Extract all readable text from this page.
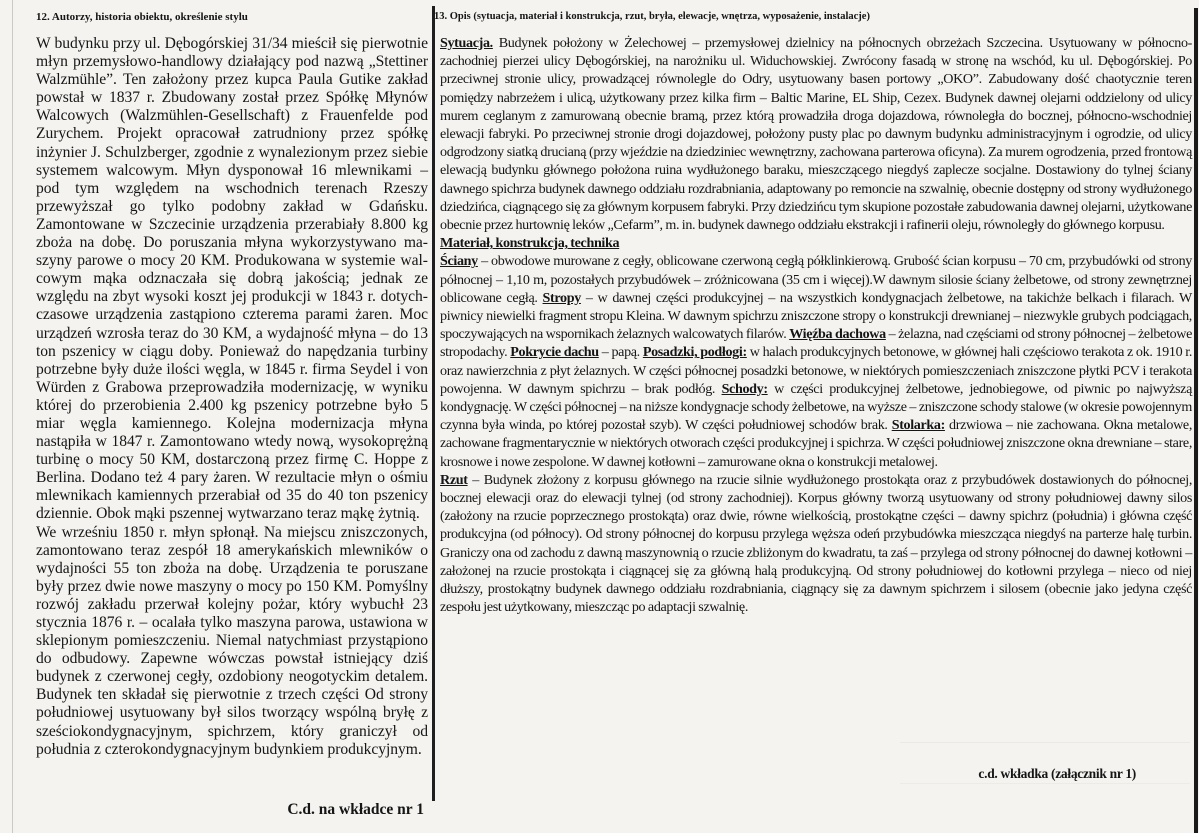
12. Autorzy, historia obiektu, określenie stylu

W budynku przy ul. Dębogórskiej 31/34 mieścił się pierwotnie młyn przemysłowo-handlowy działający pod nazwą „Stettiner Walzmühle”. Ten założony przez kupca Paula Gutike zakład powstał w 1837 r. Zbudowany został przez Spółkę Młynów Walcowych (Walzmühlen-Gesellschaft) z Frauenfelde pod Zurychem. Projekt opracował zatrudniony przez spółkę inżynier J. Schulzberger, zgodnie z wynalezionym przez siebie systemem walcowym. Młyn dysponował 16 mlewnikami – pod tym względem na wschodnich terenach Rzeszy przewyższał go tylko podobny zakład w Gdańsku. Zamontowane w Szczecinie urządzenia przerabiały 8.800 kg zboża na dobę. Do poruszania młyna wykorzystywano maszyny parowe o mocy 20 KM. Produkowana w systemie walcowym mąka odznaczała się dobrą jakością; jednak ze względu na zbyt wysoki koszt jej produkcji w 1843 r. dotychczasowe urządzenia zastąpiono czterema parami żaren. Moc urządzeń wzrosła teraz do 30 KM, a wydajność młyna – do 13 ton pszenicy w ciągu doby. Ponieważ do napędzania turbiny potrzebne były duże ilości węgla, w 1845 r. firma Seydel i von Würden z Grabowa przeprowadziła modernizację, w wyniku której do przerobienia 2.400 kg pszenicy potrzebne było 5 miar węgla kamiennego. Kolejna modernizacja młyna nastąpiła w 1847 r. Zamontowano wtedy nową, wysokoprężną turbinę o mocy 50 KM, dostarczoną przez firmę C. Hoppe z Berlina. Dodano też 4 pary żaren. W rezultacie młyn o ośmiu mlewnikach kamiennych przerabiał od 35 do 40 ton pszenicy dziennie. Obok mąki pszennej wytwarzano teraz mąkę żytnią.

We wrześniu 1850 r. młyn spłonął. Na miejscu zniszczonych, zamontowano teraz zespół 18 amerykańskich mlewników o wydajności 55 ton zboża na dobę. Urządzenia te poruszane były przez dwie nowe maszyny o mocy po 150 KM. Pomyślny rozwój zakładu przerwał kolejny pożar, który wybuchł 23 stycznia 1876 r. – ocalała tylko maszyna parowa, ustawiona w sklepionym pomieszczeniu. Niemal natychmiast przystąpiono do odbudowy. Zapewne wówczas powstał istniejący dziś budynek z czerwonej cegły, ozdobiony neogotyckim detalem. Budynek ten składał się pierwotnie z trzech części Od strony południowej usytuowany był silos tworzący wspólną bryłę z sześciokondygnacyjnym, spichrzem, który graniczył od południa z czterokondygnacyjnym budynkiem produkcyjnym.

C.d. na wkładce nr 1
13. Opis (sytuacja, materiał i konstrukcja, rzut, bryła, elewacje, wnętrza, wyposażenie, instalacje)

Sytuacja. Budynek położony w Żelechowej – przemysłowej dzielnicy na północnych obrzeżach Szczecina. Usytuowany w północno-zachodniej pierzei ulicy Dębogórskiej, na narożniku ul. Widuchowskiej. Zwrócony fasadą w stronę na wschód, ku ul. Dębogórskiej. Po przeciwnej stronie ulicy, prowadzącej równolegle do Odry, usytuowany basen portowy „OKO”. Zabudowany dość chaotycznie teren pomiędzy nabrzeżem i ulicą, użytkowany przez kilka firm – Baltic Marine, EL Ship, Cezex. Budynek dawnej olejarni oddzielony od ulicy murem ceglanym z zamurowaną obecnie bramą, przez którą prowadziła droga dojazdowa, równoległa do bocznej, północno-wschodniej elewacji fabryki. Po przeciwnej stronie drogi dojazdowej, położony pusty plac po dawnym budynku administracyjnym i ogrodzie, od ulicy odgrodzony siatką drucianą (przy wjeździe na dziedziniec wewnętrzny, zachowana parterowa oficyna). Za murem ogrodzenia, przed frontową elewacją budynku głównego położona ruina wydłużonego baraku, mieszczącego niegdyś zaplecze socjalne. Dostawiony do tylnej ściany dawnego spichrza budynek dawnego oddziału rozdrabniania, adaptowany po remoncie na szwalnię, obecnie dostępny od strony wydłużonego dziedzińca, ciągnącego się za głównym korpusem fabryki. Przy dziedzińcu tym skupione pozostałe zabudowania dawnej olejarni, użytkowane obecnie przez hurtownię leków „Cefarm”, m. in. budynek dawnego oddziału ekstrakcji i rafinerii oleju, równoległy do głównego korpusu.

Materiał, konstrukcja, technika

Ściany – obwodowe murowane z cegły, oblicowane czerwoną cegłą półklinkierową. Grubość ścian korpusu – 70 cm, przybudówki od strony północnej – 1,10 m, pozostałych przybudówek – zróżnicowana (35 cm i więcej).W dawnym silosie ściany żelbetowe, od strony zewnętrznej oblicowane cegłą. Stropy – w dawnej części produkcyjnej – na wszystkich kondygnacjach żelbetowe, na takichże belkach i filarach. W piwnicy niewielki fragment stropu Kleina. W dawnym spichrzu zniszczone stropy o konstrukcji drewnianej – niezwykle grubych podciągach, spoczywających na wspornikach żelaznych walcowatych filarów. Więźba dachowa – żelazna, nad częściami od strony północnej – żelbetowe stropodachy. Pokrycie dachu – papą. Posadzki, podłogi: w halach produkcyjnych betonowe, w głównej hali częściowo terakota z ok. 1910 r. oraz nawierzchnia z płyt żelaznych. W części północnej posadzki betonowe, w niektórych pomieszczeniach zniszczone płytki PCV i terakota powojenna. W dawnym spichrzu – brak podłóg. Schody: w części produkcyjnej żelbetowe, jednobiegowe, od piwnic po najwyższą kondygnację. W części północnej – na niższe kondygnacje schody żelbetowe, na wyższe – zniszczone schody stalowe (w okresie powojennym czynna była winda, po której pozostał szyb). W części południowej schodów brak. Stolarka: drzwiowa – nie zachowana. Okna metalowe, zachowane fragmentarycznie w niektórych otworach części produkcyjnej i spichrza. W części południowej zniszczone okna drewniane – stare, krosnowe i nowe zespolone. W dawnej kotłowni – zamurowane okna o konstrukcji metalowej.

Rzut – Budynek złożony z korpusu głównego na rzucie silnie wydłużonego prostokąta oraz z przybudówek dostawionych do północnej, bocznej elewacji oraz do elewacji tylnej (od strony zachodniej). Korpus główny tworzą usytuowany od strony południowej dawny silos (założony na rzucie poprzecznego prostokąta) oraz dwie, równe wielkością, prostokątne części – dawny spichrz (południa) i główna część produkcyjna (od północy). Od strony północnej do korpusu przylega węższa odeń przybudówka mieszcząca niegdyś na parterze halę turbin. Graniczy ona od zachodu z dawną maszynownią o rzucie zbliżonym do kwadratu, ta zaś – przylega od strony północnej do dawnej kotłowni – założonej na rzucie prostokąta i ciągnącej się za główną halą produkcyjną. Od strony południowej do kotłowni przylega – nieco od niej dłuższy, prostokątny budynek dawnego oddziału rozdrabniania, ciągnący się za dawnym spichrzem i silosem (obecnie jako jedyna część zespołu jest użytkowany, mieszcząc po adaptacji szwalnię.

c.d. wkładka (załącznik nr 1)
